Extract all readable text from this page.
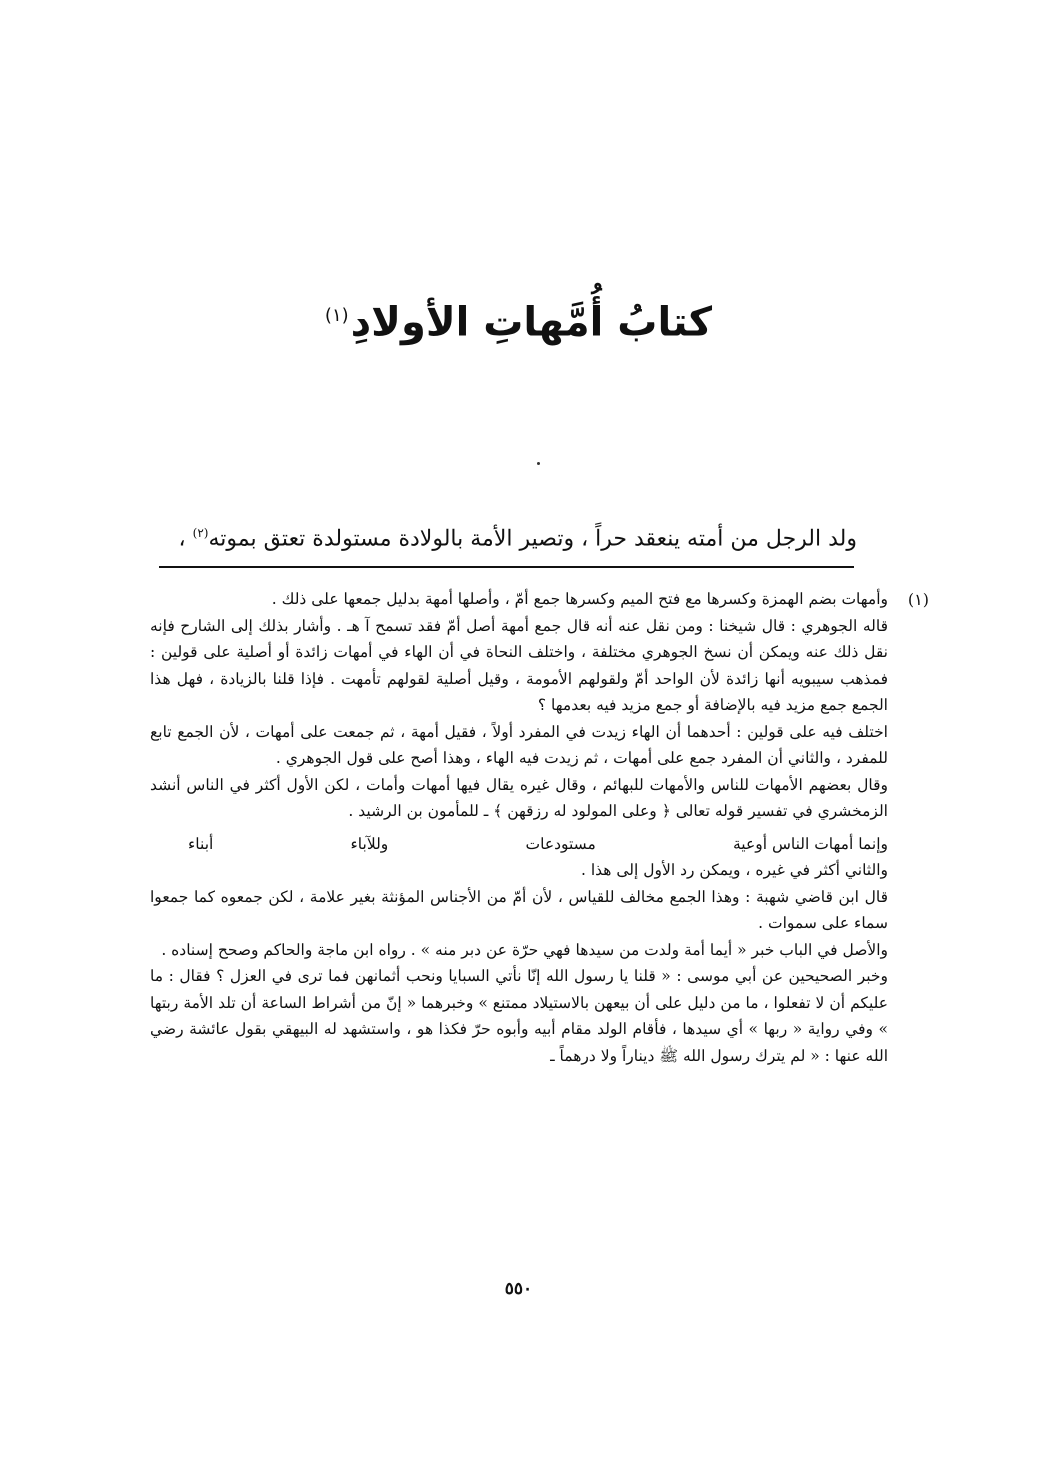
كتابُ أُمَّهاتِ الأولادِ$^{(١)}$
ولد الرجل من أمته ينعقد حراً ، وتصير الأمة بالولادة مستولدة تعتق بموته$^{(٢)}$ ،
(١)

وأمهات بضم الهمزة وكسرها مع فتح الميم وكسرها جمع أمّ ، وأصلها أمهة بدليل جمعها على ذلك .

قاله الجوهري : قال شيخنا : ومن نقل عنه أنه قال جمع أمهة أصل أمّ فقد تسمح آ هـ . وأشار بذلك إلى الشارح فإنه نقل ذلك عنه ويمكن أن نسخ الجوهري مختلفة ، واختلف النحاة في أن الهاء في أمهات زائدة أو أصلية على قولين : فمذهب سيبويه أنها زائدة لأن الواحد أمّ ولقولهم الأمومة ، وقيل أصلية لقولهم تأمهت . فإذا قلنا بالزيادة ، فهل هذا الجمع جمع مزيد فيه بالإضافة أو جمع مزيد فيه بعدمها ؟

اختلف فيه على قولين : أحدهما أن الهاء زيدت في المفرد أولاً ، فقيل أمهة ، ثم جمعت على أمهات ، لأن الجمع تابع للمفرد ، والثاني أن المفرد جمع على أمهات ، ثم زيدت فيه الهاء ، وهذا أصح على قول الجوهري .

وقال بعضهم الأمهات للناس والأمهات للبهائم ، وقال غيره يقال فيها أمهات وأمات ، لكن الأول أكثر في الناس أنشد الزمخشري في تفسير قوله تعالى ﴿ وعلى المولود له رزقهن ﴾ ـ للمأمون بن الرشيد .

وإنما أمهات الناس أوعية
مستودعات
وللآباء
أبناء

والثاني أكثر في غيره ، ويمكن رد الأول إلى هذا .

قال ابن قاضي شهبة : وهذا الجمع مخالف للقياس ، لأن أمّ من الأجناس المؤنثة بغير علامة ، لكن جمعوه كما جمعوا سماء على سموات .

والأصل في الباب خبر « أيما أمة ولدت من سيدها فهي حرّة عن دبر منه » . رواه ابن ماجة والحاكم وصحح إسناده .

وخبر الصحيحين عن أبي موسى : « قلنا يا رسول الله إنّا نأتي السبايا ونحب أثمانهن فما ترى في العزل ؟ فقال : ما عليكم أن لا تفعلوا ، ما من دليل على أن بيعهن بالاستيلاد ممتنع » وخبرهما « إنّ من أشراط الساعة أن تلد الأمة ربتها » وفي رواية « ربها » أي سيدها ، فأقام الولد مقام أبيه وأبوه حرّ فكذا هو ، واستشهد له البيهقي بقول عائشة رضي الله عنها : « لم يترك رسول الله ﷺ ديناراً ولا درهماً ـ

٥٥٠
